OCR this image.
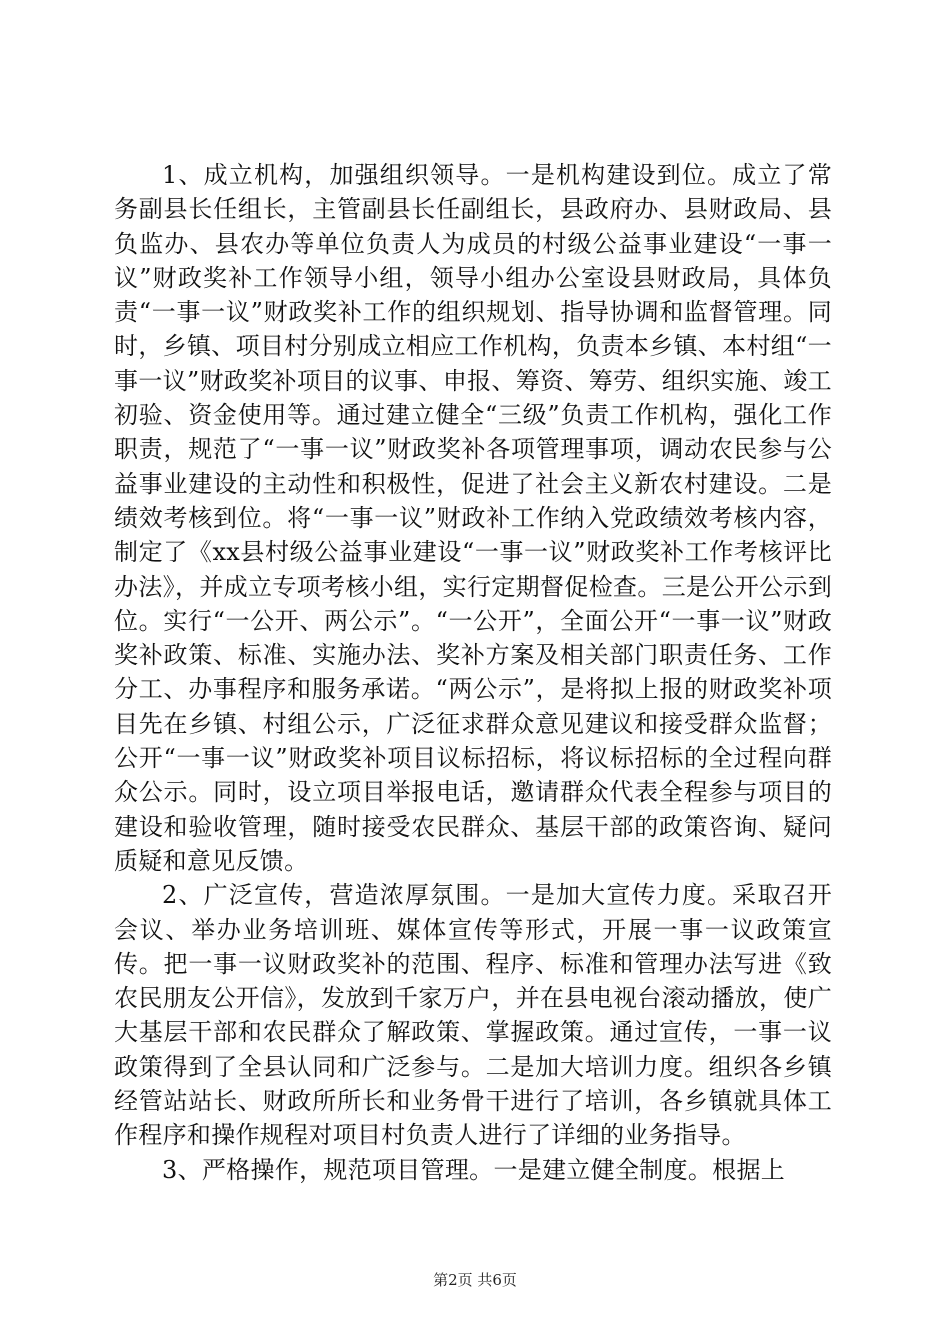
1、成立机构，加强组织领导。一是机构建设到位。成立了常务副县长任组长，主管副县长任副组长，县政府办、县财政局、县负监办、县农办等单位负责人为成员的村级公益事业建设“一事一议”财政奖补工作领导小组，领导小组办公室设县财政局，具体负责“一事一议”财政奖补工作的组织规划、指导协调和监督管理。同时，乡镇、项目村分别成立相应工作机构，负责本乡镇、本村组“一事一议”财政奖补项目的议事、申报、筹资、筹劳、组织实施、竣工初验、资金使用等。通过建立健全“三级”负责工作机构，强化工作职责，规范了“一事一议”财政奖补各项管理事项，调动农民参与公益事业建设的主动性和积极性，促进了社会主义新农村建设。二是绩效考核到位。将“一事一议”财政补工作纳入党政绩效考核内容，制定了《xx县村级公益事业建设“一事一议”财政奖补工作考核评比办法》，并成立专项考核小组，实行定期督促检查。三是公开公示到位。实行“一公开、两公示”。“一公开”，全面公开“一事一议”财政奖补政策、标准、实施办法、奖补方案及相关部门职责任务、工作分工、办事程序和服务承诺。“两公示”，是将拟上报的财政奖补项目先在乡镇、村组公示，广泛征求群众意见建议和接受群众监督；公开“一事一议”财政奖补项目议标招标，将议标招标的全过程向群众公示。同时，设立项目举报电话，邀请群众代表全程参与项目的建设和验收管理，随时接受农民群众、基层干部的政策咨询、疑问质疑和意见反馈。

2、广泛宣传，营造浓厚氛围。一是加大宣传力度。采取召开会议、举办业务培训班、媒体宣传等形式，开展一事一议政策宣传。把一事一议财政奖补的范围、程序、标准和管理办法写进《致农民朋友公开信》，发放到千家万户，并在县电视台滚动播放，使广大基层干部和农民群众了解政策、掌握政策。通过宣传，一事一议政策得到了全县认同和广泛参与。二是加大培训力度。组织各乡镇经管站站长、财政所所长和业务骨干进行了培训，各乡镇就具体工作程序和操作规程对项目村负责人进行了详细的业务指导。

3、严格操作，规范项目管理。一是建立健全制度。根据上

第2页 共6页
